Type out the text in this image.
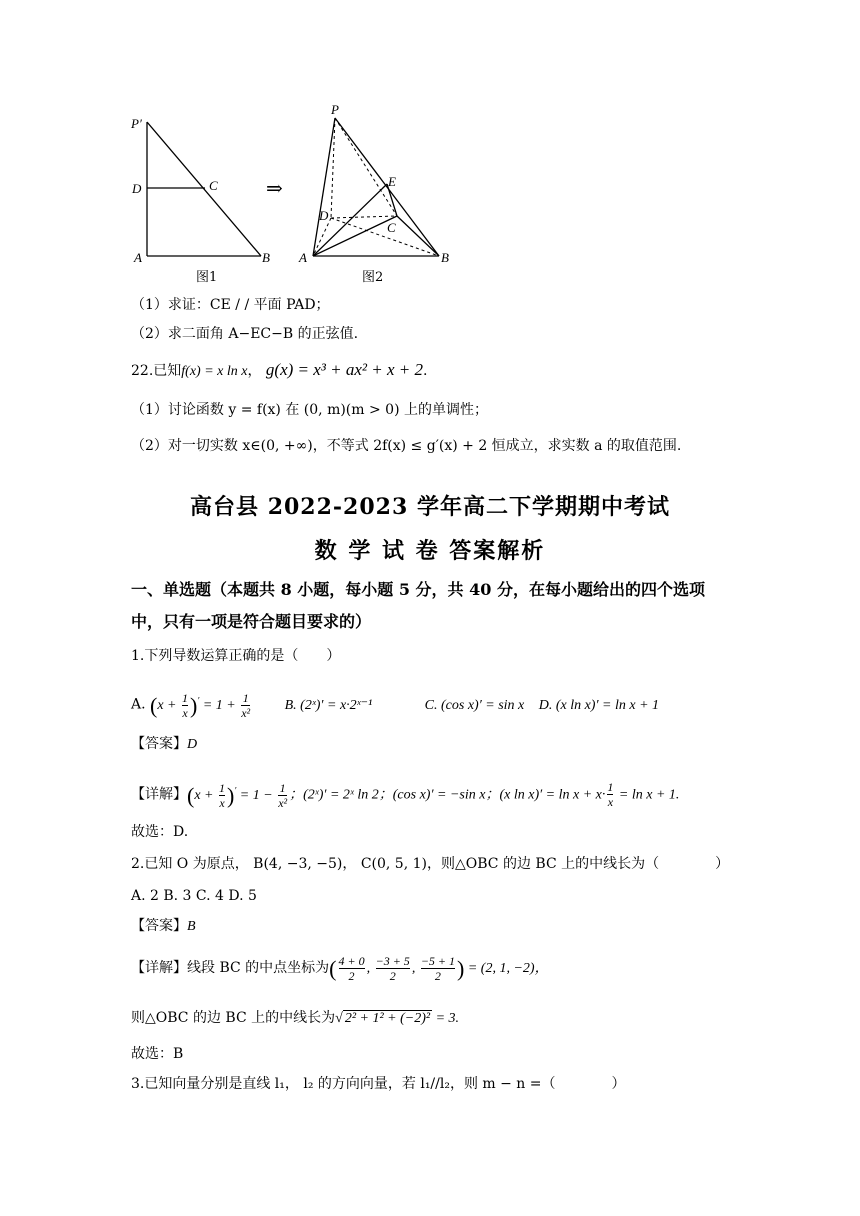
P′
D	C
A	B
图1
⇒
P
E
D
C
A	B
图2
（1）求证：CE / / 平面 PAD；
（2）求二面角 A−EC−B 的正弦值.
22.已知f(x) = x ln x， g(x) = x³ + ax² + x + 2.
（1）讨论函数 y = f(x) 在 (0, m)(m > 0) 上的单调性；
（2）对一切实数 x∈(0, +∞)，不等式 2f(x) ≤ g′(x) + 2 恒成立，求实数 a 的取值范围.
高台县 2022-2023 学年高二下学期期中考试
数 学 试 卷 答案解析
一、单选题（本题共 8 小题，每小题 5 分，共 40 分，在每小题给出的四个选项
中，只有一项是符合题目要求的）
1.下列导数运算正确的是（　　）
A. $(x + \frac{1}{x} )' = 1 + \frac{1}{\text{x²}} B$. (2ˣ)′ = x·2ˣ⁻¹	C. (cos x)′ = sin x D. (x ln x)′ = ln x + 1
【答案】D
【详解】$(x + \frac{1}{x} )' = 1 - \frac{1}{\text{x²}}$ ；(2ˣ)′ = 2ˣ ln 2；(cos x)′ = −sin x；(x $\ln x)' = \ln x + x\cdot \frac{1}{x} = \ln x + 1$.
故选：D.
2.已知 O 为原点， B(4, −3, −5)， C(0, 5, 1)，则△OBC 的边 BC 上的中线长为（　　　　）
A. 2 B. 3 C. 4 D. 5
【答案】B
【详解】线段 BC 的中点坐标为( $\frac{4 + 0}{2}$ , $\frac{-3 + 5}{2}$ , $\frac{-5 + 1}{2}$ ) = (2, 1, −2)，
则△OBC 的边 BC 上的中线长为√ 2² + 1² + (−2)² = 3.
故选：B
3.已知向量分别是直线 l₁， l₂ 的方向向量，若 l₁//l₂，则 m − n =（　　　　）
